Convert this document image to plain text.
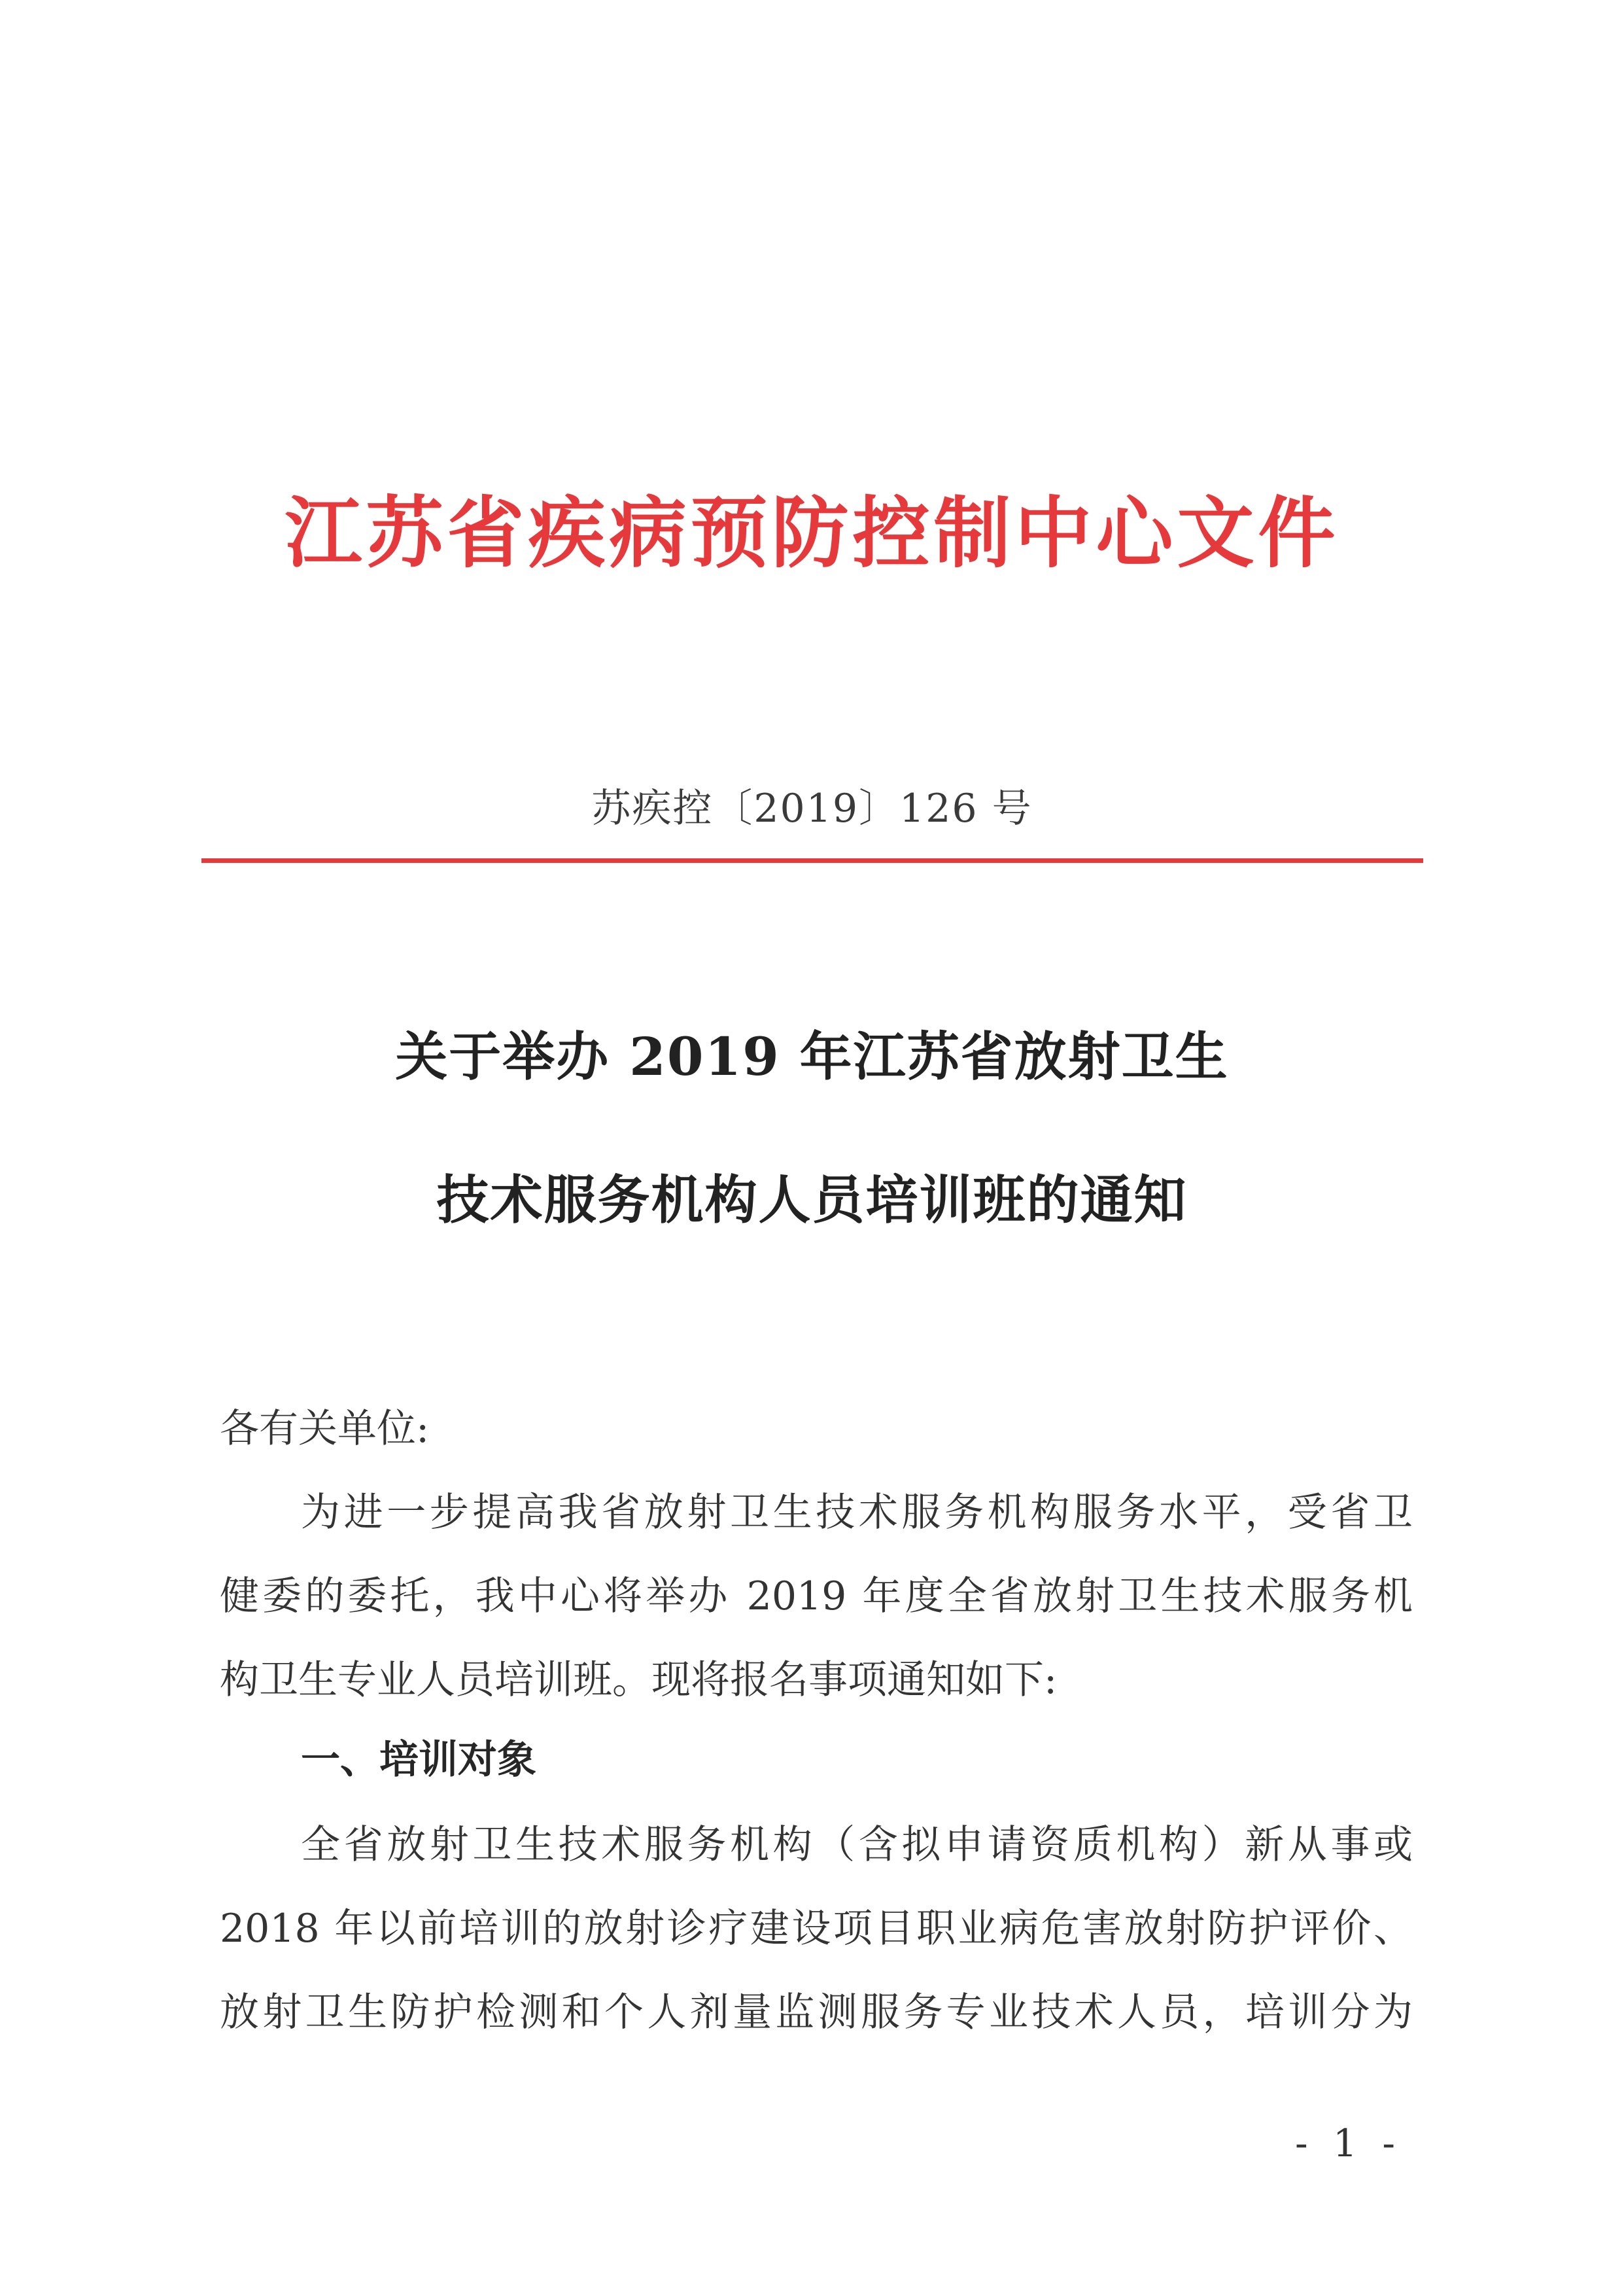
江苏省疾病预防控制中心文件
苏疾控〔2019〕126 号
关于举办 2019 年江苏省放射卫生
技术服务机构人员培训班的通知
各有关单位:
为进一步提高我省放射卫生技术服务机构服务水平，受省卫
健委的委托，我中心将举办 2019 年度全省放射卫生技术服务机
构卫生专业人员培训班。现将报名事项通知如下:
一、培训对象
全省放射卫生技术服务机构（含拟申请资质机构）新从事或
2018 年以前培训的放射诊疗建设项目职业病危害放射防护评价、
放射卫生防护检测和个人剂量监测服务专业技术人员，培训分为
- 1 -
